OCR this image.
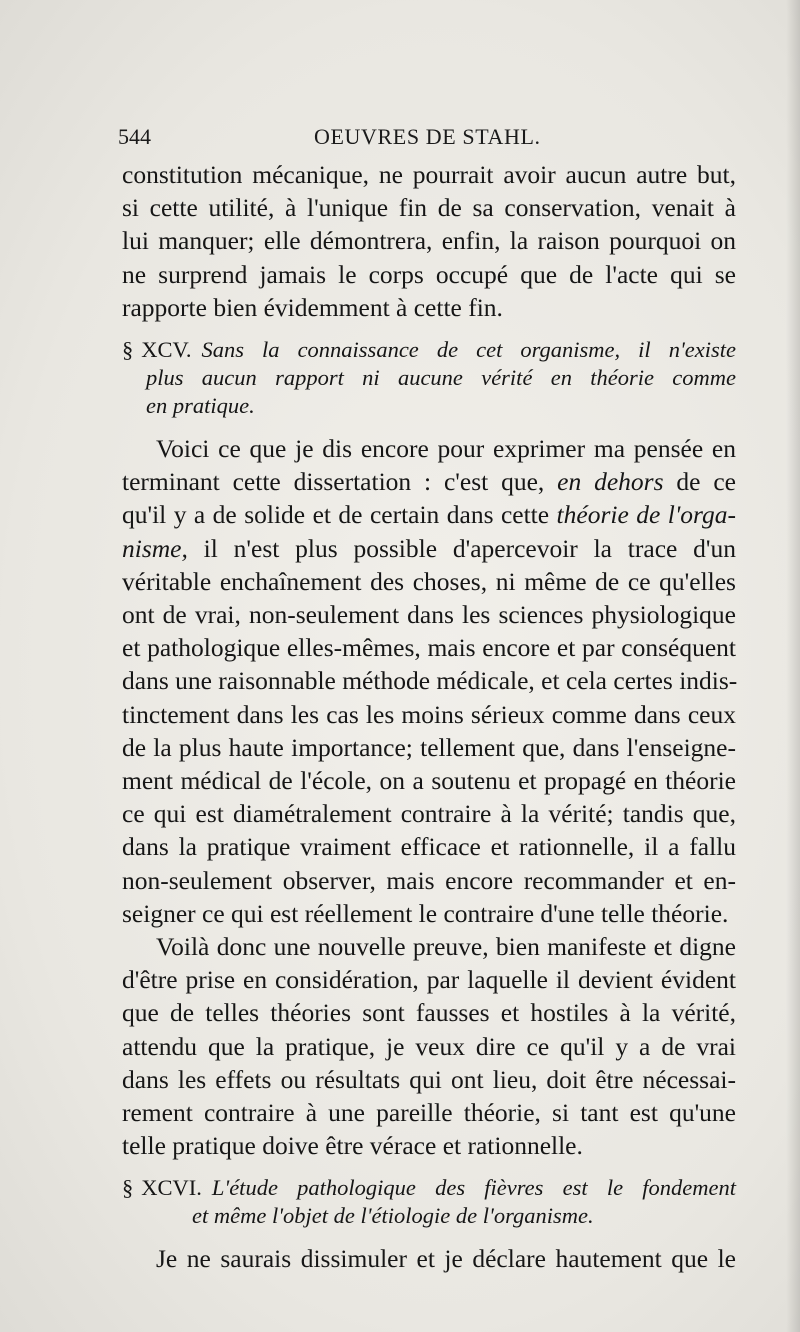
544	OEUVRES DE STAHL.
constitution mécanique, ne pourrait avoir aucun autre but,
si cette utilité, à l'unique fin de sa conservation, venait à
lui manquer; elle démontrera, enfin, la raison pourquoi on
ne surprend jamais le corps occupé que de l'acte qui se
rapporte bien évidemment à cette fin.
§ XCV. Sans la connaissance de cet organisme, il n'existe
plus aucun rapport ni aucune vérité en théorie comme
en pratique.
Voici ce que je dis encore pour exprimer ma pensée en
terminant cette dissertation : c'est que, en dehors de ce
qu'il y a de solide et de certain dans cette théorie de l'orga-
nisme, il n'est plus possible d'apercevoir la trace d'un
véritable enchaînement des choses, ni même de ce qu'elles
ont de vrai, non-seulement dans les sciences physiologique
et pathologique elles-mêmes, mais encore et par conséquent
dans une raisonnable méthode médicale, et cela certes indis-
tinctement dans les cas les moins sérieux comme dans ceux
de la plus haute importance; tellement que, dans l'enseigne-
ment médical de l'école, on a soutenu et propagé en théorie
ce qui est diamétralement contraire à la vérité; tandis que,
dans la pratique vraiment efficace et rationnelle, il a fallu
non-seulement observer, mais encore recommander et en-
seigner ce qui est réellement le contraire d'une telle théorie.
Voilà donc une nouvelle preuve, bien manifeste et digne
d'être prise en considération, par laquelle il devient évident
que de telles théories sont fausses et hostiles à la vérité,
attendu que la pratique, je veux dire ce qu'il y a de vrai
dans les effets ou résultats qui ont lieu, doit être nécessai-
rement contraire à une pareille théorie, si tant est qu'une
telle pratique doive être vérace et rationnelle.
§ XCVI. L'étude pathologique des fièvres est le fondement
et même l'objet de l'étiologie de l'organisme.
Je ne saurais dissimuler et je déclare hautement que le
